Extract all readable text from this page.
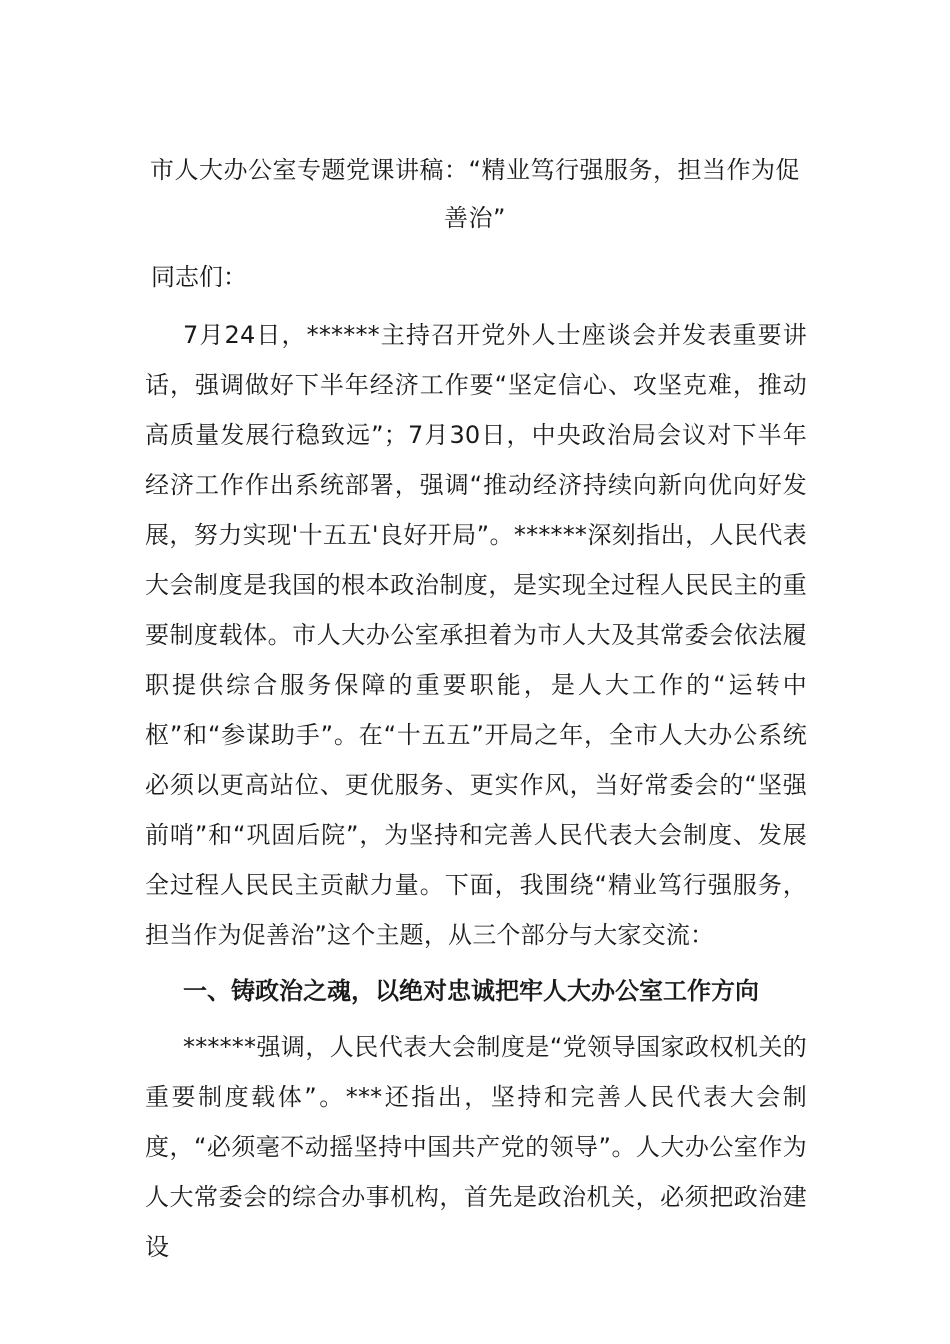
市人大办公室专题党课讲稿：“精业笃行强服务，担当作为促善治”
同志们：

7月24日，******主持召开党外人士座谈会并发表重要讲话，强调做好下半年经济工作要“坚定信心、攻坚克难，推动高质量发展行稳致远”；7月30日，中央政治局会议对下半年经济工作作出系统部署，强调“推动经济持续向新向优向好发展，努力实现'十五五'良好开局”。******深刻指出，人民代表大会制度是我国的根本政治制度，是实现全过程人民民主的重要制度载体。市人大办公室承担着为市人大及其常委会依法履职提供综合服务保障的重要职能，是人大工作的“运转中枢”和“参谋助手”。在“十五五”开局之年，全市人大办公系统必须以更高站位、更优服务、更实作风，当好常委会的“坚强前哨”和“巩固后院”，为坚持和完善人民代表大会制度、发展全过程人民民主贡献力量。下面，我围绕“精业笃行强服务，担当作为促善治”这个主题，从三个部分与大家交流：

一、铸政治之魂，以绝对忠诚把牢人大办公室工作方向

******强调，人民代表大会制度是“党领导国家政权机关的重要制度载体”。***还指出，坚持和完善人民代表大会制度，“必须毫不动摇坚持中国共产党的领导”。人大办公室作为人大常委会的综合办事机构，首先是政治机关，必须把政治建设
